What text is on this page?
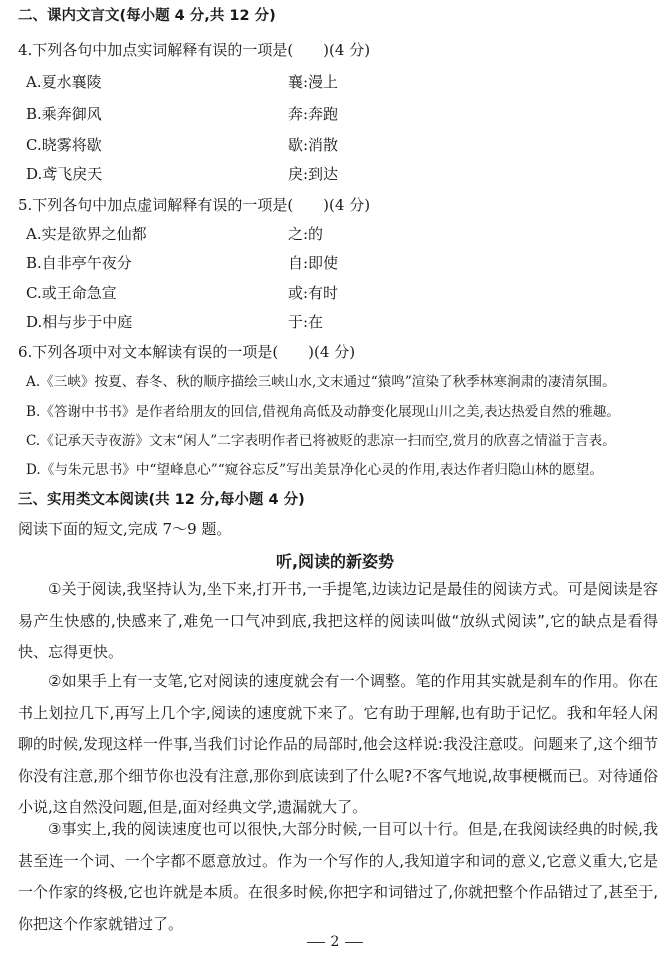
二、课内文言文(每小题 4 分,共 12 分)
4.下列各句中加点实词解释有误的一项是( )(4 分)
A.夏水襄陵	襄:漫上
B.乘奔御风	奔:奔跑
C.晓雾将歇	歇:消散
D.鸢飞戾天	戾:到达
5.下列各句中加点虚词解释有误的一项是( )(4 分)
A.实是欲界之仙都	之:的
B.自非亭午夜分	自:即使
C.或王命急宣	或:有时
D.相与步于中庭	于:在
6.下列各项中对文本解读有误的一项是( )(4 分)
A.《三峡》按夏、春冬、秋的顺序描绘三峡山水,文末通过“猿鸣”渲染了秋季林寒涧肃的凄清氛围。
B.《答谢中书书》是作者给朋友的回信,借视角高低及动静变化展现山川之美,表达热爱自然的雅趣。
C.《记承天寺夜游》文末“闲人”二字表明作者已将被贬的悲凉一扫而空,赏月的欣喜之情溢于言表。
D.《与朱元思书》中“望峰息心”“窥谷忘反”写出美景净化心灵的作用,表达作者归隐山林的愿望。
三、实用类文本阅读(共 12 分,每小题 4 分)
阅读下面的短文,完成 7～9 题。
听,阅读的新姿势

①关于阅读,我坚持认为,坐下来,打开书,一手提笔,边读边记是最佳的阅读方式。可是阅读是容易产生快感的,快感来了,难免一口气冲到底,我把这样的阅读叫做“放纵式阅读”,它的缺点是看得快、忘得更快。

②如果手上有一支笔,它对阅读的速度就会有一个调整。笔的作用其实就是刹车的作用。你在书上划拉几下,再写上几个字,阅读的速度就下来了。它有助于理解,也有助于记忆。我和年轻人闲聊的时候,发现这样一件事,当我们讨论作品的局部时,他会这样说:我没注意哎。问题来了,这个细节你没有注意,那个细节你也没有注意,那你到底读到了什么呢?不客气地说,故事梗概而已。对待通俗小说,这自然没问题,但是,面对经典文学,遗漏就大了。

③事实上,我的阅读速度也可以很快,大部分时候,一目可以十行。但是,在我阅读经典的时候,我甚至连一个词、一个字都不愿意放过。作为一个写作的人,我知道字和词的意义,它意义重大,它是一个作家的终极,它也许就是本质。在很多时候,你把字和词错过了,你就把整个作品错过了,甚至于,你把这个作家就错过了。

2
